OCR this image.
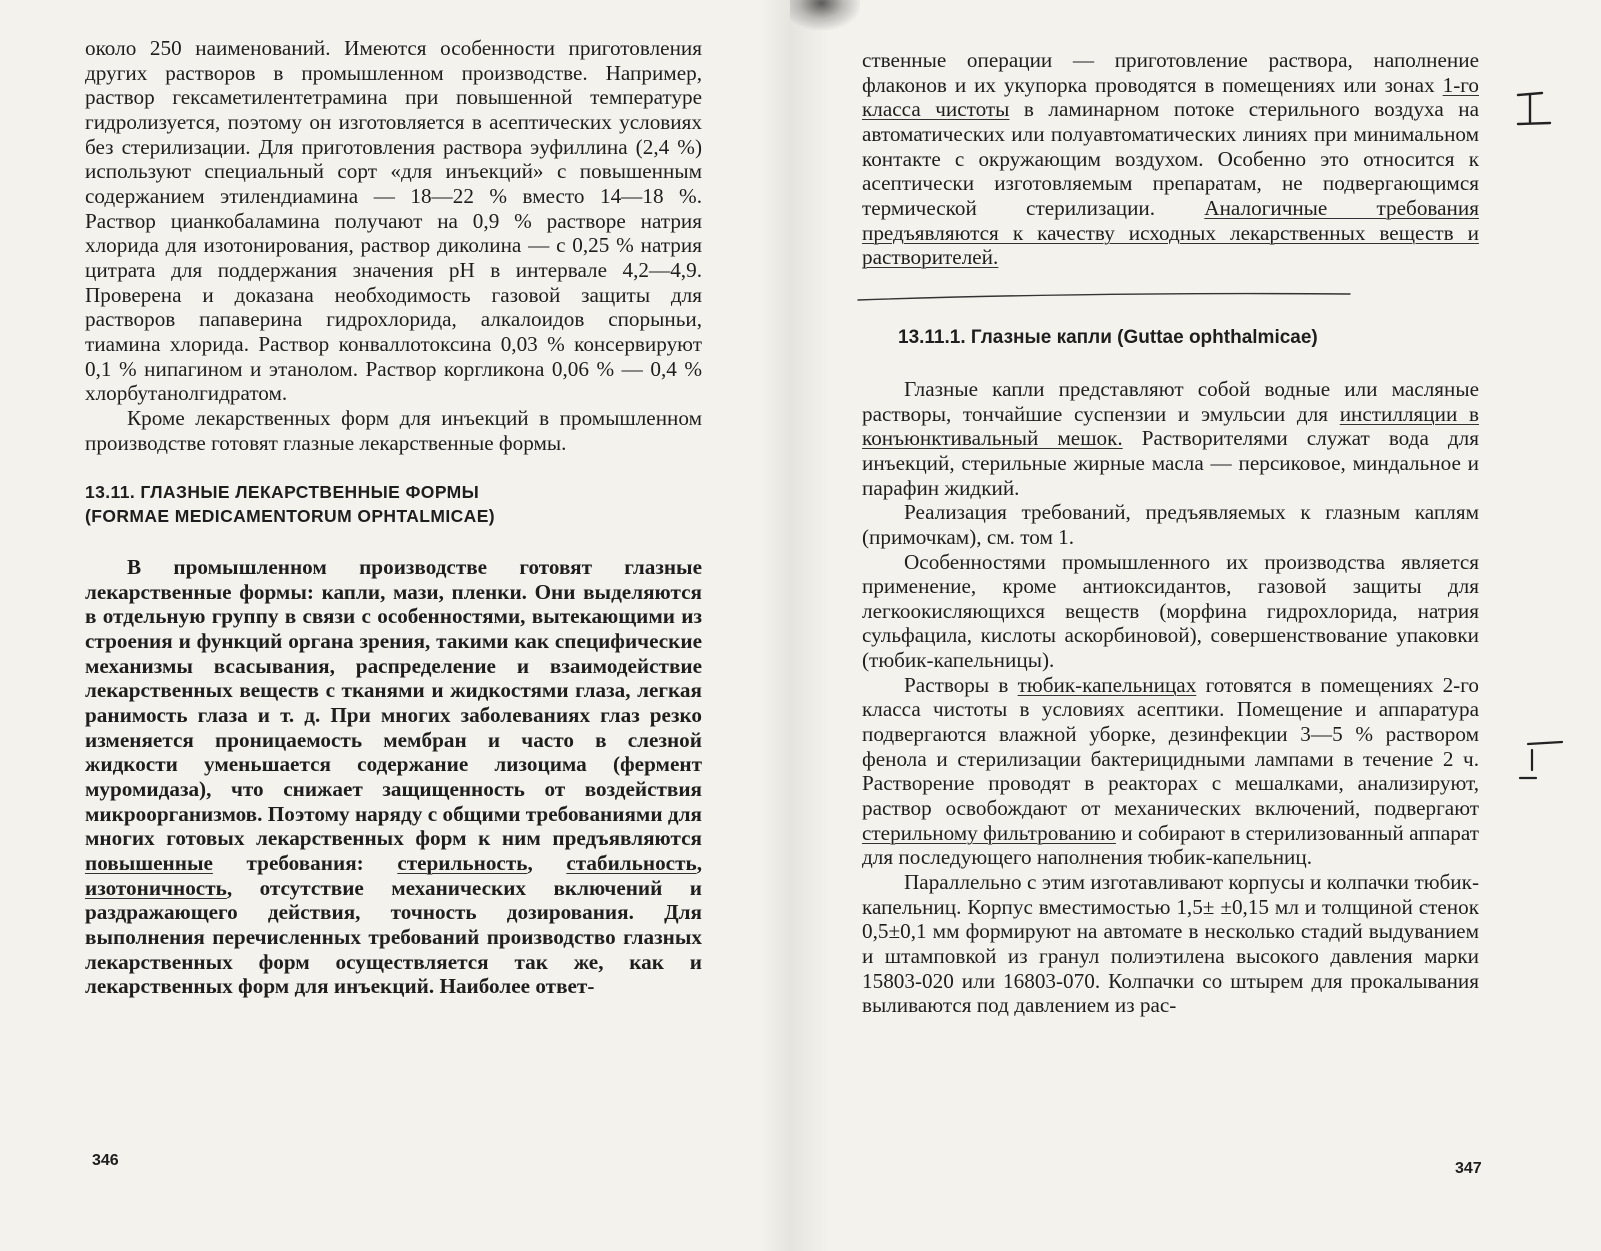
около 250 наименований. Имеются особенности приготовления других растворов в промышленном производстве. Например, раствор гексаметилентетрамина при повышенной температуре гидролизуется, поэтому он изготовляется в асептических условиях без стерилизации. Для приготовления раствора эуфиллина (2,4 %) используют специальный сорт «для инъекций» с повышенным содержанием этилендиамина — 18—22 % вместо 14—18 %. Раствор цианкобаламина получают на 0,9 % растворе натрия хлорида для изотонирования, раствор диколина — с 0,25 % натрия цитрата для поддержания значения рН в интервале 4,2—4,9. Проверена и доказана необходимость газовой защиты для растворов папаверина гидрохлорида, алкалоидов спорыньи, тиамина хлорида. Раствор конваллотоксина 0,03 % консервируют 0,1 % нипагином и этанолом. Раствор коргликона 0,06 % — 0,4 % хлорбутанолгидратом.

Кроме лекарственных форм для инъекций в промышленном производстве готовят глазные лекарственные формы.

13.11. ГЛАЗНЫЕ ЛЕКАРСТВЕННЫЕ ФОРМЫ
(FORMAE MEDICAMENTORUM OPHTALMICAE)

В промышленном производстве готовят глазные лекарственные формы: капли, мази, пленки. Они выделяются в отдельную группу в связи с особенностями, вытекающими из строения и функций органа зрения, такими как специфические механизмы всасывания, распределение и взаимодействие лекарственных веществ с тканями и жидкостями глаза, легкая ранимость глаза и т. д. При многих заболеваниях глаз резко изменяется проницаемость мембран и часто в слезной жидкости уменьшается содержание лизоцима (фермент муромидаза), что снижает защищенность от воздействия микроорганизмов. Поэтому наряду с общими требованиями для многих готовых лекарственных форм к ним предъявляются повышенные требования: стерильность, стабильность, изотоничность, отсутствие механических включений и раздражающего действия, точность дозирования. Для выполнения перечисленных требований производство глазных лекарственных форм осуществляется так же, как и лекарственных форм для инъекций. Наиболее ответ-

346

ственные операции — приготовление раствора, наполнение флаконов и их укупорка проводятся в помещениях или зонах 1-го класса чистоты в ламинарном потоке стерильного воздуха на автоматических или полуавтоматических линиях при минимальном контакте с окружающим воздухом. Особенно это относится к асептически изготовляемым препаратам, не подвергающимся термической стерилизации. Аналогичные требования предъявляются к качеству исходных лекарственных веществ и растворителей.

13.11.1. Глазные капли (Guttae ophthalmicae)

Глазные капли представляют собой водные или масляные растворы, тончайшие суспензии и эмульсии для инстилляции в конъюнктивальный мешок. Растворителями служат вода для инъекций, стерильные жирные масла — персиковое, миндальное и парафин жидкий.

Реализация требований, предъявляемых к глазным каплям (примочкам), см. том 1.

Особенностями промышленного их производства является применение, кроме антиоксидантов, газовой защиты для легкоокисляющихся веществ (морфина гидрохлорида, натрия сульфацила, кислоты аскорбиновой), совершенствование упаковки (тюбик-капельницы).

Растворы в тюбик-капельницах готовятся в помещениях 2-го класса чистоты в условиях асептики. Помещение и аппаратура подвергаются влажной уборке, дезинфекции 3—5 % раствором фенола и стерилизации бактерицидными лампами в течение 2 ч. Растворение проводят в реакторах с мешалками, анализируют, раствор освобождают от механических включений, подвергают стерильному фильтрованию и собирают в стерилизованный аппарат для последующего наполнения тюбик-капельниц.

Параллельно с этим изготавливают корпусы и колпачки тюбик-капельниц. Корпус вместимостью 1,5± ±0,15 мл и толщиной стенок 0,5±0,1 мм формируют на автомате в несколько стадий выдуванием и штамповкой из гранул полиэтилена высокого давления марки 15803-020 или 16803-070. Колпачки со штырем для прокалывания выливаются под давлением из рас-

347
